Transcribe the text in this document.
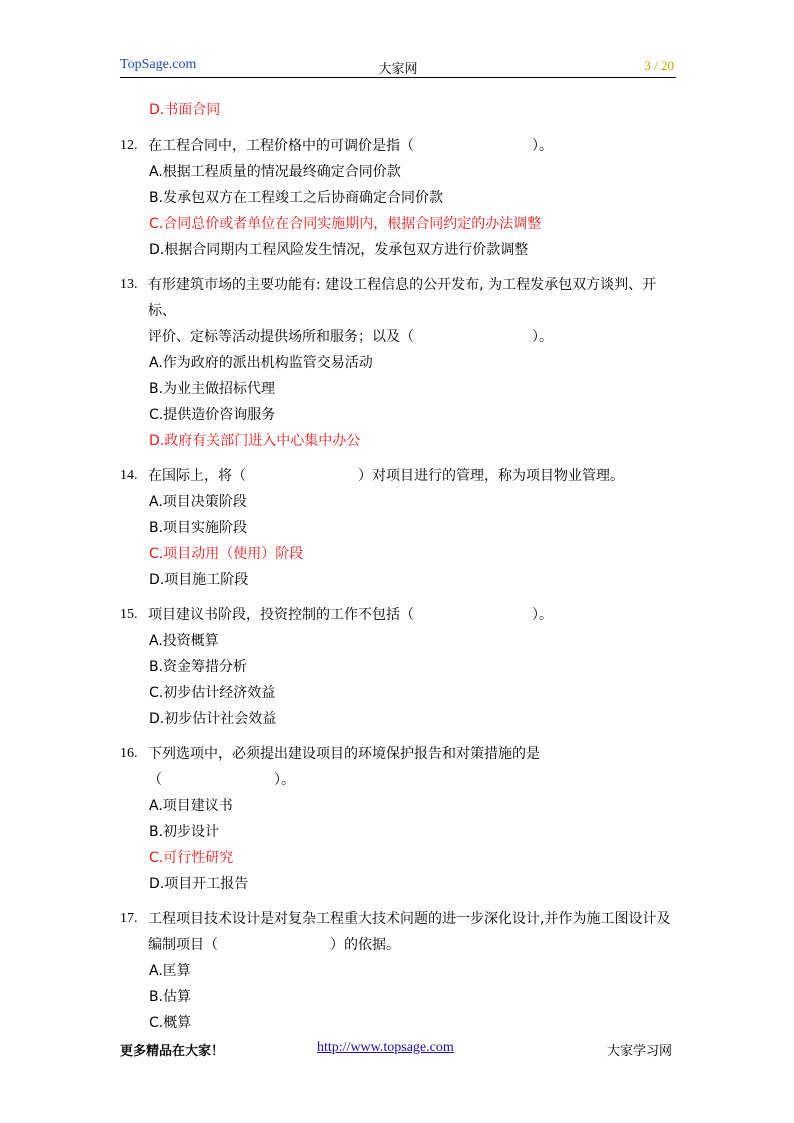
TopSage.com	大家网	3 / 20
D.书面合同
12. 在工程合同中，工程价格中的可调价是指（	）。
A.根据工程质量的情况最终确定合同价款
B.发承包双方在工程竣工之后协商确定合同价款
C.合同总价或者单位在合同实施期内，根据合同约定的办法调整
D.根据合同期内工程风险发生情况，发承包双方进行价款调整
13. 有形建筑市场的主要功能有: 建设工程信息的公开发布, 为工程发承包双方谈判、开标、
评价、定标等活动提供场所和服务；以及（	）。
A.作为政府的派出机构监管交易活动
B.为业主做招标代理
C.提供造价咨询服务
D.政府有关部门进入中心集中办公
14. 在国际上，将（	）对项目进行的管理，称为项目物业管理。
A.项目决策阶段
B.项目实施阶段
C.项目动用（使用）阶段
D.项目施工阶段
15. 项目建议书阶段，投资控制的工作不包括（	）。
A.投资概算
B.资金筹措分析
C.初步估计经济效益
D.初步估计社会效益
16. 下列选项中，必须提出建设项目的环境保护报告和对策措施的是
（	）。
A.项目建议书
B.初步设计
C.可行性研究
D.项目开工报告
17. 工程项目技术设计是对复杂工程重大技术问题的进一步深化设计,并作为施工图设计及
编制项目（	）的依据。
A.匡算
B.估算
C.概算
更多精品在大家！	http://www.topsage.com	大家学习网
